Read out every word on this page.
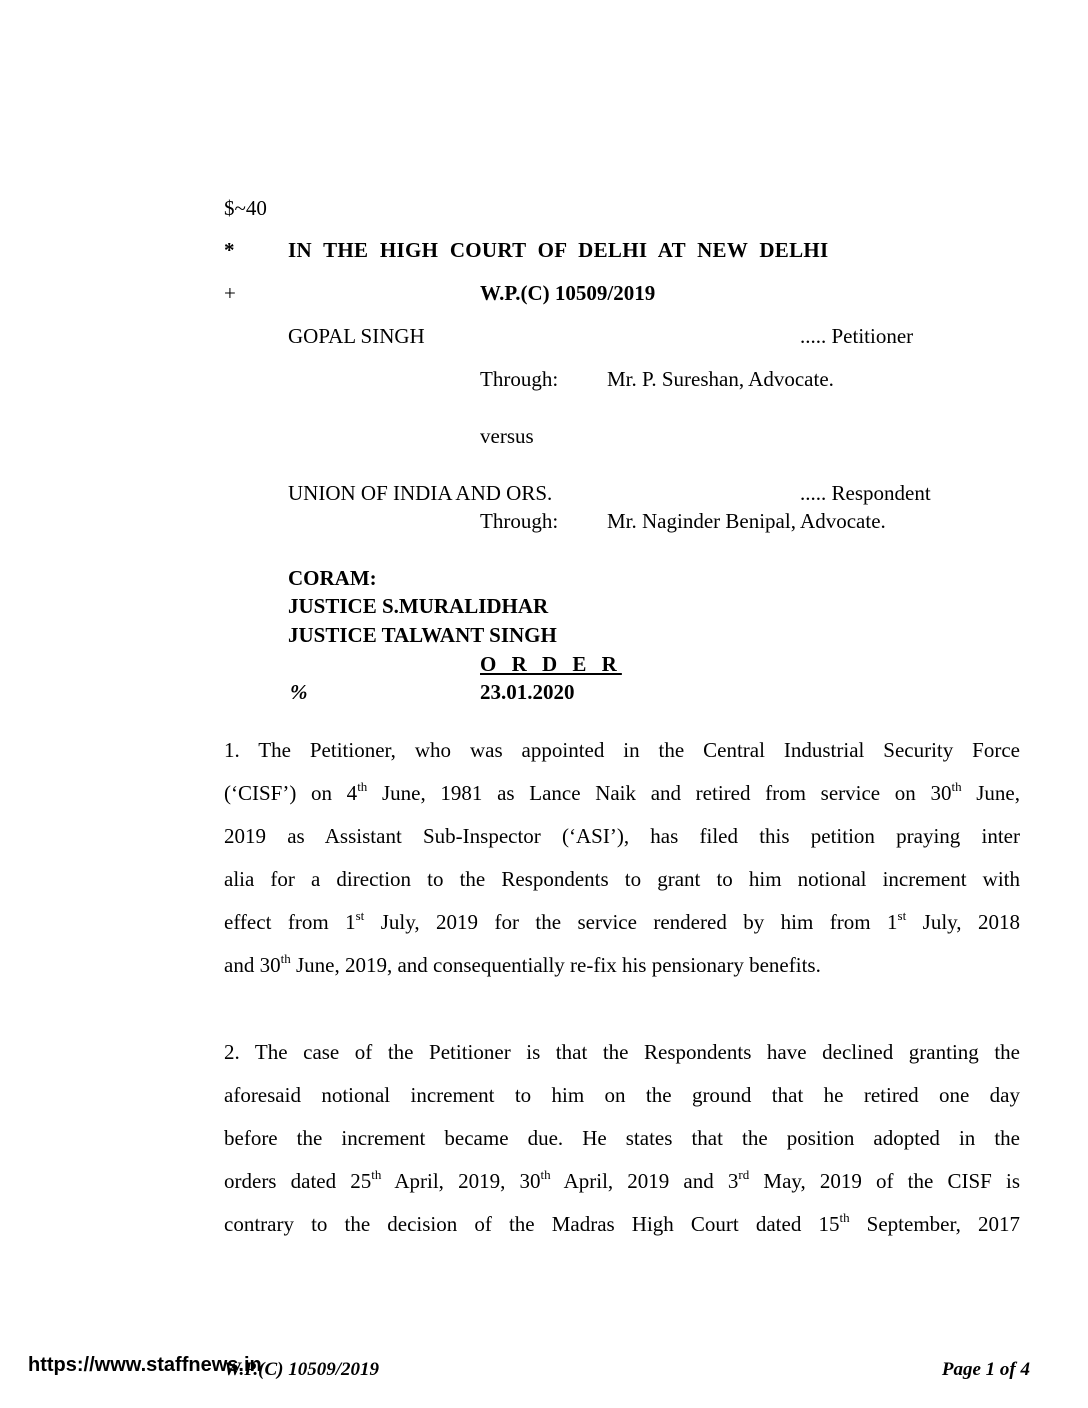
$~40
*	IN THE HIGH COURT OF DELHI AT NEW DELHI
+	W.P.(C) 10509/2019
GOPAL SINGH	..... Petitioner
Through: Mr. P. Sureshan, Advocate.
versus
UNION OF INDIA AND ORS.	..... Respondent
Through: Mr. Naginder Benipal, Advocate.
CORAM:
JUSTICE S.MURALIDHAR
JUSTICE TALWANT SINGH
O R D E R
%	23.01.2020
1. The Petitioner, who was appointed in the Central Industrial Security Force
(‘CISF’) on 4th June, 1981 as Lance Naik and retired from service on 30th June,
2019 as Assistant Sub-Inspector (‘ASI’), has filed this petition praying inter
alia for a direction to the Respondents to grant to him notional increment with
effect from 1st July, 2019 for the service rendered by him from 1st July, 2018
and 30th June, 2019, and consequentially re-fix his pensionary benefits.
2. The case of the Petitioner is that the Respondents have declined granting the
aforesaid notional increment to him on the ground that he retired one day
before the increment became due. He states that the position adopted in the
orders dated 25th April, 2019, 30th April, 2019 and 3rd May, 2019 of the CISF is
contrary to the decision of the Madras High Court dated 15th September, 2017
W.P.(C) 10509/2019	Page 1 of 4
https://www.staffnews.in
